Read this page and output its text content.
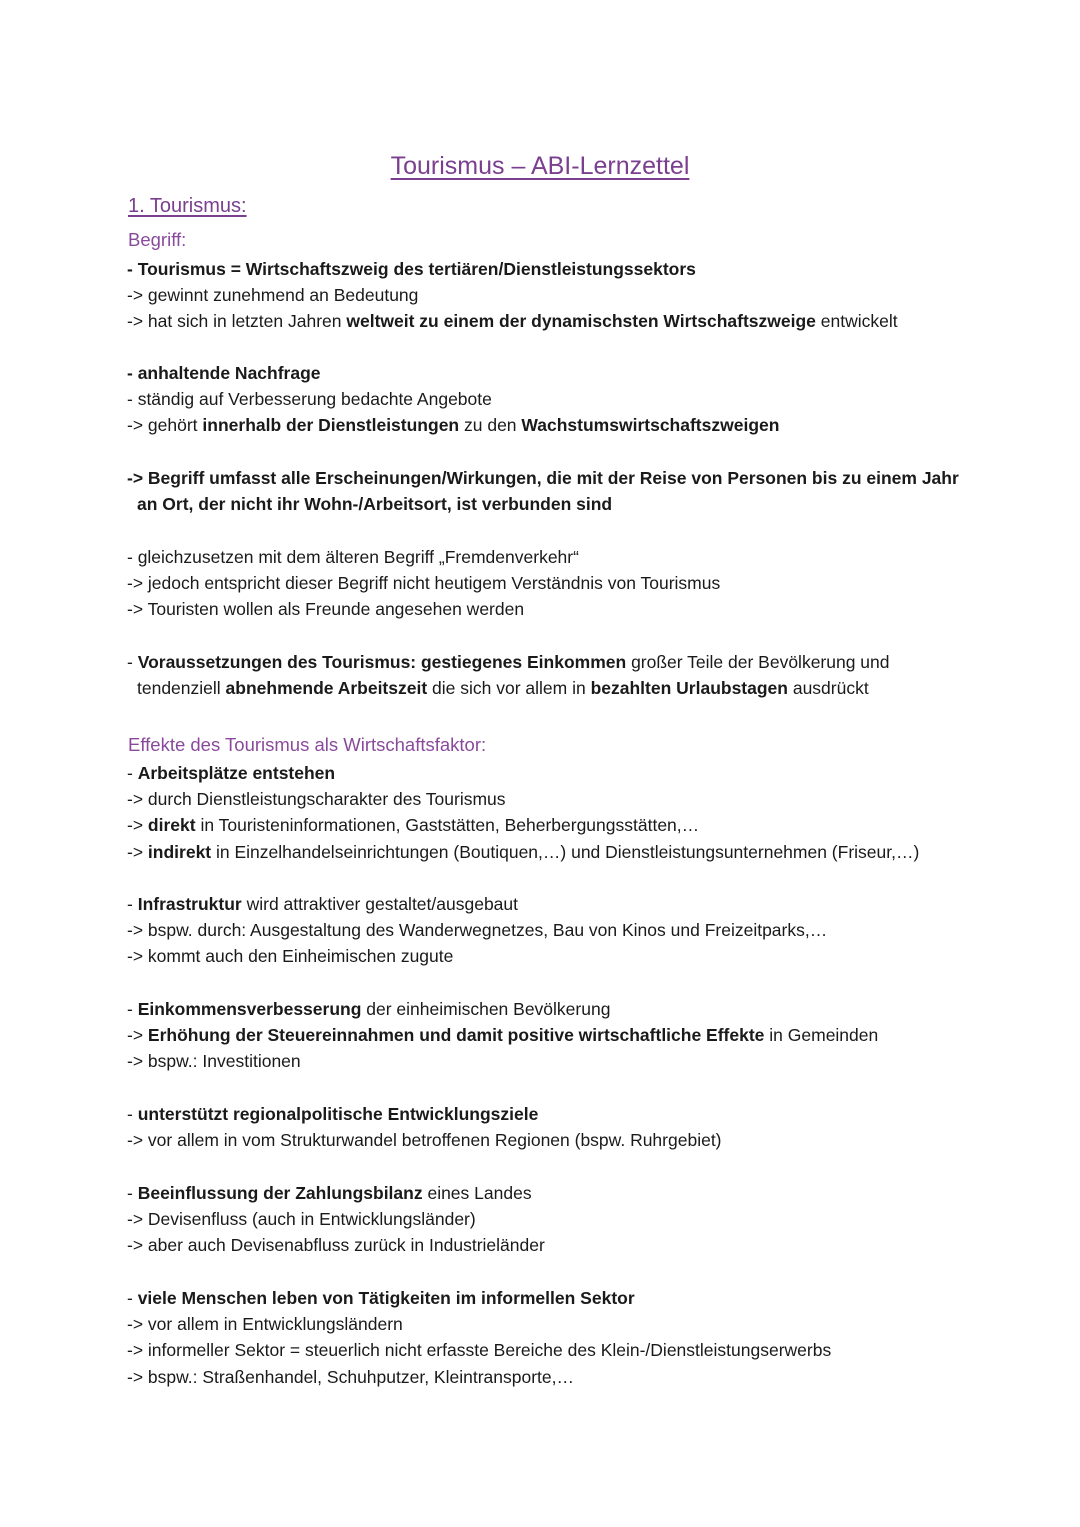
Tourismus – ABI-Lernzettel
1. Tourismus:
Begriff:
- Tourismus = Wirtschaftszweig des tertiären/Dienstleistungssektors
-> gewinnt zunehmend an Bedeutung
-> hat sich in letzten Jahren weltweit zu einem der dynamischsten Wirtschaftszweige entwickelt
- anhaltende Nachfrage
- ständig auf Verbesserung bedachte Angebote
-> gehört innerhalb der Dienstleistungen zu den Wachstumswirtschaftszweigen
-> Begriff umfasst alle Erscheinungen/Wirkungen, die mit der Reise von Personen bis zu einem Jahr
an Ort, der nicht ihr Wohn-/Arbeitsort, ist verbunden sind
- gleichzusetzen mit dem älteren Begriff „Fremdenverkehr“
-> jedoch entspricht dieser Begriff nicht heutigem Verständnis von Tourismus
-> Touristen wollen als Freunde angesehen werden
- Voraussetzungen des Tourismus: gestiegenes Einkommen großer Teile der Bevölkerung und
tendenziell abnehmende Arbeitszeit die sich vor allem in bezahlten Urlaubstagen ausdrückt
Effekte des Tourismus als Wirtschaftsfaktor:
- Arbeitsplätze entstehen
-> durch Dienstleistungscharakter des Tourismus
-> direkt in Touristeninformationen, Gaststätten, Beherbergungsstätten,…
-> indirekt in Einzelhandelseinrichtungen (Boutiquen,…) und Dienstleistungsunternehmen (Friseur,…)
- Infrastruktur wird attraktiver gestaltet/ausgebaut
-> bspw. durch: Ausgestaltung des Wanderwegnetzes, Bau von Kinos und Freizeitparks,…
-> kommt auch den Einheimischen zugute
- Einkommensverbesserung der einheimischen Bevölkerung
-> Erhöhung der Steuereinnahmen und damit positive wirtschaftliche Effekte in Gemeinden
-> bspw.: Investitionen
- unterstützt regionalpolitische Entwicklungsziele
-> vor allem in vom Strukturwandel betroffenen Regionen (bspw. Ruhrgebiet)
- Beeinflussung der Zahlungsbilanz eines Landes
-> Devisenfluss (auch in Entwicklungsländer)
-> aber auch Devisenabfluss zurück in Industrieländer
- viele Menschen leben von Tätigkeiten im informellen Sektor
-> vor allem in Entwicklungsländern
-> informeller Sektor = steuerlich nicht erfasste Bereiche des Klein-/Dienstleistungserwerbs
-> bspw.: Straßenhandel, Schuhputzer, Kleintransporte,…
